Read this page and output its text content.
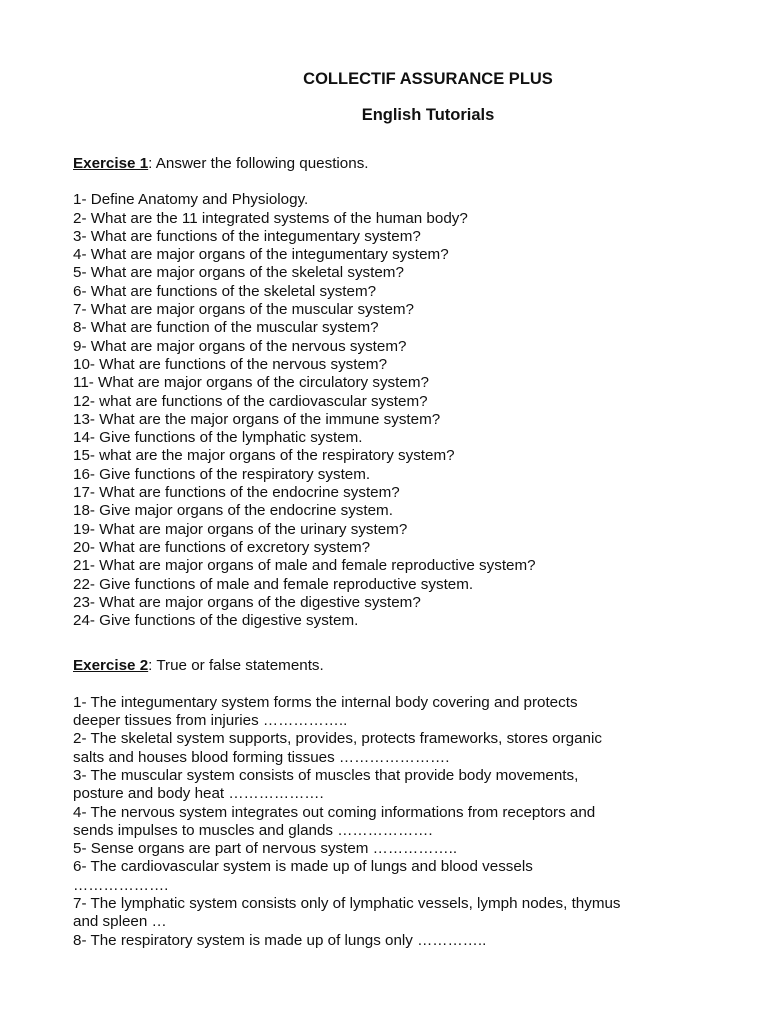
COLLECTIF ASSURANCE PLUS
English Tutorials

Exercise 1: Answer the following questions.

1- Define Anatomy and Physiology.
2- What are the 11 integrated systems of the human body?
3- What are functions of the integumentary system?
4- What are major organs of the integumentary system?
5- What are major organs of the skeletal system?
6- What are functions of the skeletal system?
7- What are major organs of the muscular system?
8- What are function of the muscular system?
9- What are major organs of the nervous system?
10- What are functions of the nervous system?
11- What are major organs of the circulatory system?
12- what are functions of the cardiovascular system?
13- What are the major organs of the immune system?
14- Give functions of the lymphatic system.
15- what are the major organs of the respiratory system?
16- Give functions of the respiratory system.
17- What are functions of the endocrine system?
18- Give major organs of the endocrine system.
19- What are major organs of the urinary system?
20- What are functions of excretory system?
21- What are major organs of male and female reproductive system?
22- Give functions of male and female reproductive system.
23- What are major organs of the digestive system?
24- Give functions of the digestive system.

Exercise 2: True or false statements.

1- The integumentary system forms the internal body covering and protects
deeper tissues from injuries ……………..
2- The skeletal system supports, provides, protects frameworks, stores organic
salts and houses blood forming tissues ………………….
3- The muscular system consists of muscles that provide body movements,
posture and body heat ……………….
4- The nervous system integrates out coming informations from receptors and
sends impulses to muscles and glands ……………….
5- Sense organs are part of nervous system ……………..
6- The cardiovascular system is made up of lungs and blood vessels
……………….
7- The lymphatic system consists only of lymphatic vessels, lymph nodes, thymus
and spleen …
8- The respiratory system is made up of lungs only …………..
